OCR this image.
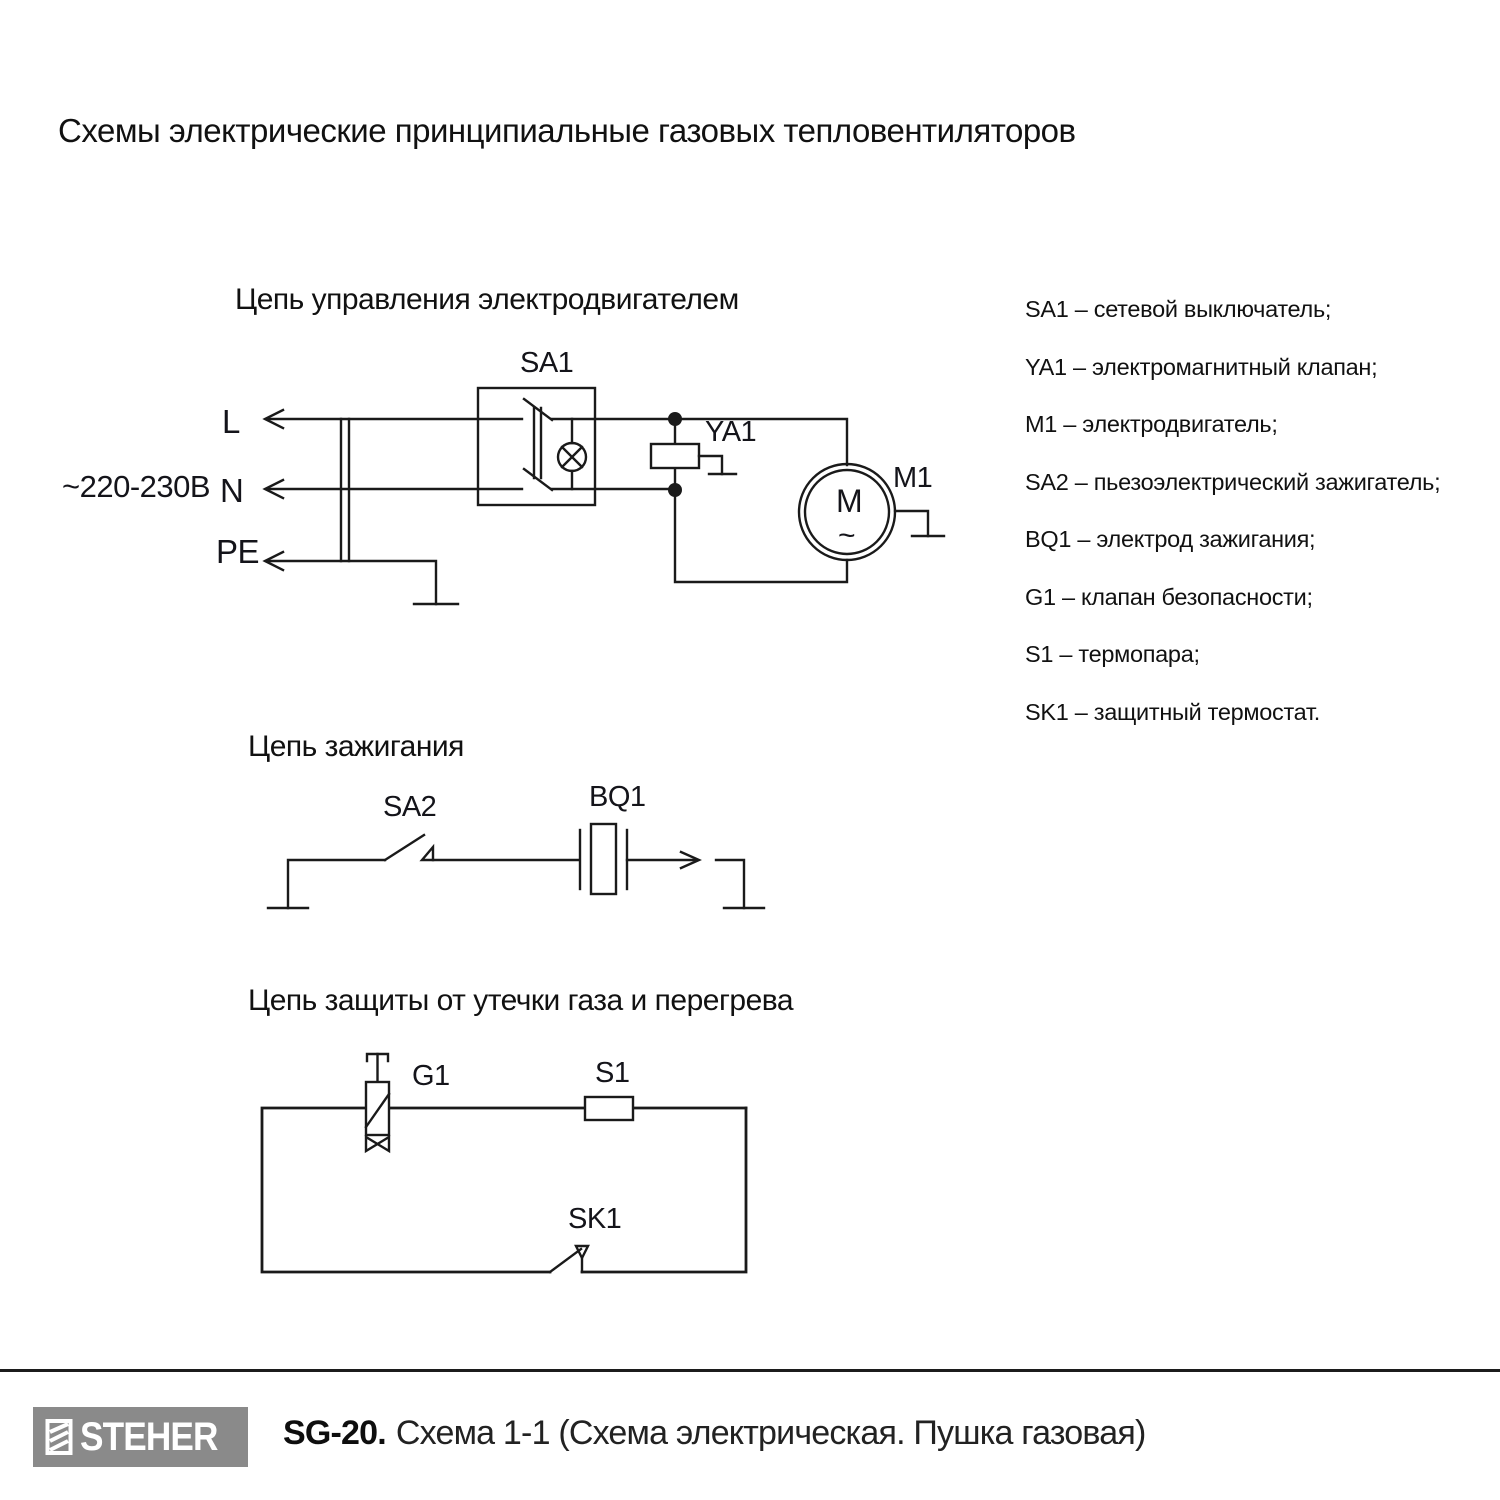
Схемы электрические принципиальные газовых тепловентиляторов
Цепь управления электродвигателем
~220-230В
L
N
PE
SA1
YA1
M1
M
~
SA1 – сетевой выключатель;
YA1 – электромагнитный клапан;
M1 – электродвигатель;
SA2 – пьезоэлектрический зажигатель;
BQ1 – электрод зажигания;
G1 – клапан безопасности;
S1 – термопара;
SK1 – защитный термостат.
Цепь зажигания
SA2	BQ1
Цепь защиты от утечки газа и перегрева
G1	S1
SK1
STEHER SG-20. Схема 1-1 (Схема электрическая. Пушка газовая)
